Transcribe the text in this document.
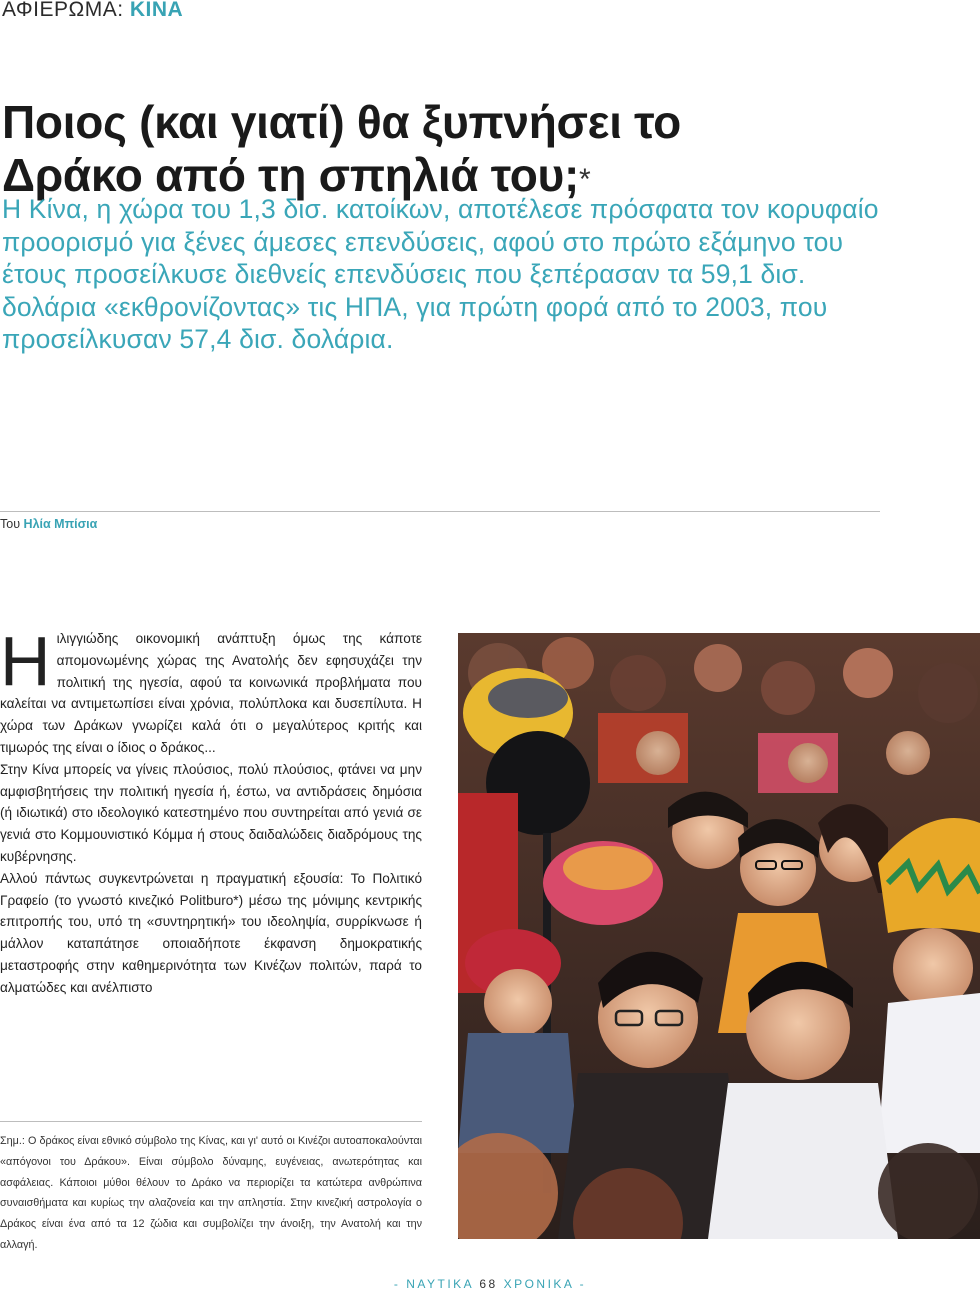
ΑΦΙΕΡΩΜΑ: ΚΙΝΑ
Ποιος (και γιατί) θα ξυπνήσει το
Δράκο από τη σπηλιά του;*

Η Κίνα, η χώρα του 1,3 δισ. κατοίκων, αποτέλεσε πρόσφατα τον κορυφαίο προορισμό για ξένες άμεσες επενδύσεις, αφού στο πρώτο εξάμηνο του έτους προσείλκυσε διεθνείς επενδύσεις που ξεπέρασαν τα 59,1 δισ. δολάρια «εκθρονίζοντας» τις ΗΠΑ, για πρώτη φορά από το 2003, που προσείλκυσαν 57,4 δισ. δολάρια.

Του Ηλία Μπίσια
Η ιλιγγιώδης οικονομική ανάπτυξη όμως της κάποτε απομονωμένης χώρας της Ανατολής δεν εφησυχάζει την πολιτική της ηγεσία, αφού τα κοινωνικά προβλήματα που καλείται να αντιμετωπίσει είναι χρόνια, πολύπλοκα και δυσεπίλυτα. Η χώρα των Δράκων γνωρίζει καλά ότι ο μεγαλύτερος κριτής και τιμωρός της είναι ο ίδιος ο δράκος...

Στην Κίνα μπορείς να γίνεις πλούσιος, πολύ πλούσιος, φτάνει να μην αμφισβητήσεις την πολιτική ηγεσία ή, έστω, να αντιδράσεις δημόσια (ή ιδιωτικά) στο ιδεολογικό κατεστημένο που συντηρείται από γενιά σε γενιά στο Κομμουνιστικό Κόμμα ή στους δαιδαλώδεις διαδρόμους της κυβέρνησης.

Αλλού πάντως συγκεντρώνεται η πραγματική εξουσία: Το Πολιτικό Γραφείο (το γνωστό κινεζικό Politburo*) μέσω της μόνιμης κεντρικής επιτροπής του, υπό τη «συντηρητική» του ιδεοληψία, συρρίκνωσε ή μάλλον καταπάτησε οποιαδήποτε έκφανση δημοκρατικής μεταστροφής στην καθημερινότητα των Κινέζων πολιτών, παρά το αλματώδες και ανέλπιστο

Σημ.: Ο δράκος είναι εθνικό σύμβολο της Κίνας, και γι' αυτό οι Κινέζοι αυτοαποκαλούνται «απόγονοι του Δράκου». Είναι σύμβολο δύναμης, ευγένειας, ανωτερότητας και ασφάλειας. Κάποιοι μύθοι θέλουν το Δράκο να περιορίζει τα κατώτερα ανθρώπινα συναισθήματα και κυρίως την αλαζονεία και την απληστία. Στην κινεζική αστρολογία ο Δράκος είναι ένα από τα 12 ζώδια και συμβολίζει την άνοιξη, την Ανατολή και την αλλαγή.

- ΝΑΥΤΙΚΑ 68 ΧΡΟΝΙΚΑ -
